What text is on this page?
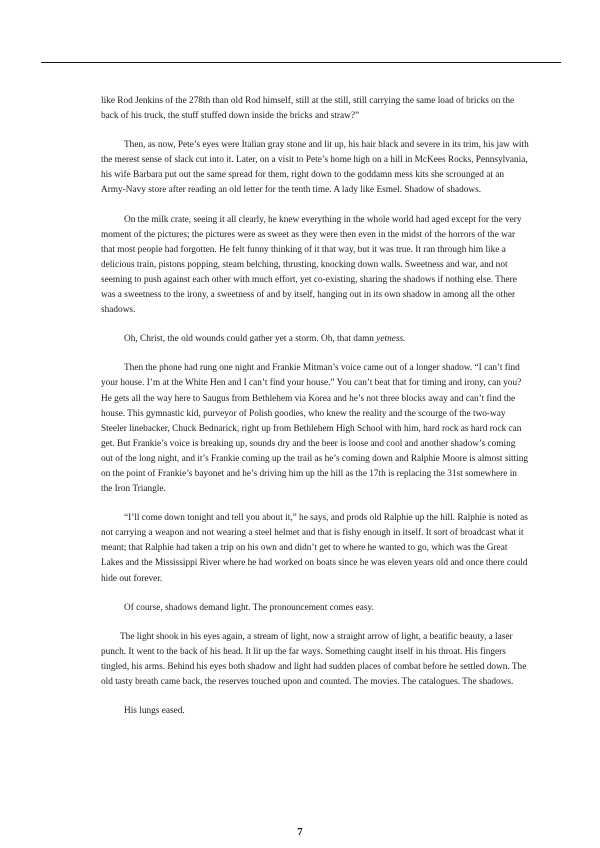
like Rod Jenkins of the 278th than old Rod himself, still at the still, still carrying the same load of bricks on the back of his truck, the stuff stuffed down inside the bricks and straw?”

Then, as now, Pete’s eyes were Italian gray stone and lit up, his hair black and severe in its trim, his jaw with the merest sense of slack cut into it. Later, on a visit to Pete’s home high on a hill in McKees Rocks, Pennsylvania, his wife Barbara put out the same spread for them, right down to the goddamn mess kits she scrounged at an Army-Navy store after reading an old letter for the tenth time. A lady like Esmel. Shadow of shadows.

On the milk crate, seeing it all clearly, he knew everything in the whole world had aged except for the very moment of the pictures; the pictures were as sweet as they were then even in the midst of the horrors of the war that most people had forgotten. He felt funny thinking of it that way, but it was true. It ran through him like a delicious train, pistons popping, steam belching, thrusting, knocking down walls. Sweetness and war, and not seeming to push against each other with much effort, yet co-existing, sharing the shadows if nothing else. There was a sweetness to the irony, a sweetness of and by itself, hanging out in its own shadow in among all the other shadows.

Oh, Christ, the old wounds could gather yet a storm. Oh, that damn yetness.

Then the phone had rung one night and Frankie Mitman’s voice came out of a longer shadow. “I can’t find your house. I’m at the White Hen and I can’t find your house.” You can’t beat that for timing and irony, can you? He gets all the way here to Saugus from Bethlehem via Korea and he’s not three blocks away and can’t find the house. This gymnastic kid, purveyor of Polish goodies, who knew the reality and the scourge of the two-way Steeler linebacker, Chuck Bednarick, right up from Bethlehem High School with him, hard rock as hard rock can get. But Frankie’s voice is breaking up, sounds dry and the beer is loose and cool and another shadow’s coming out of the long night, and it’s Frankie coming up the trail as he’s coming down and Ralphie Moore is almost sitting on the point of Frankie’s bayonet and he’s driving him up the hill as the 17th is replacing the 31st somewhere in the Iron Triangle.

“I’ll come down tonight and tell you about it,” he says, and prods old Ralphie up the hill. Ralphie is noted as not carrying a weapon and not wearing a steel helmet and that is fishy enough in itself. It sort of broadcast what it meant; that Ralphie had taken a trip on his own and didn’t get to where he wanted to go, which was the Great Lakes and the Mississippi River where he had worked on boats since he was eleven years old and once there could hide out forever.

Of course, shadows demand light. The pronouncement comes easy.

The light shook in his eyes again, a stream of light, now a straight arrow of light, a beatific beauty, a laser punch. It went to the back of his head. It lit up the far ways. Something caught itself in his throat. His fingers tingled, his arms. Behind his eyes both shadow and light had sudden places of combat before he settled down. The old tasty breath came back, the reserves touched upon and counted. The movies. The catalogues. The shadows.

His lungs eased.

7
